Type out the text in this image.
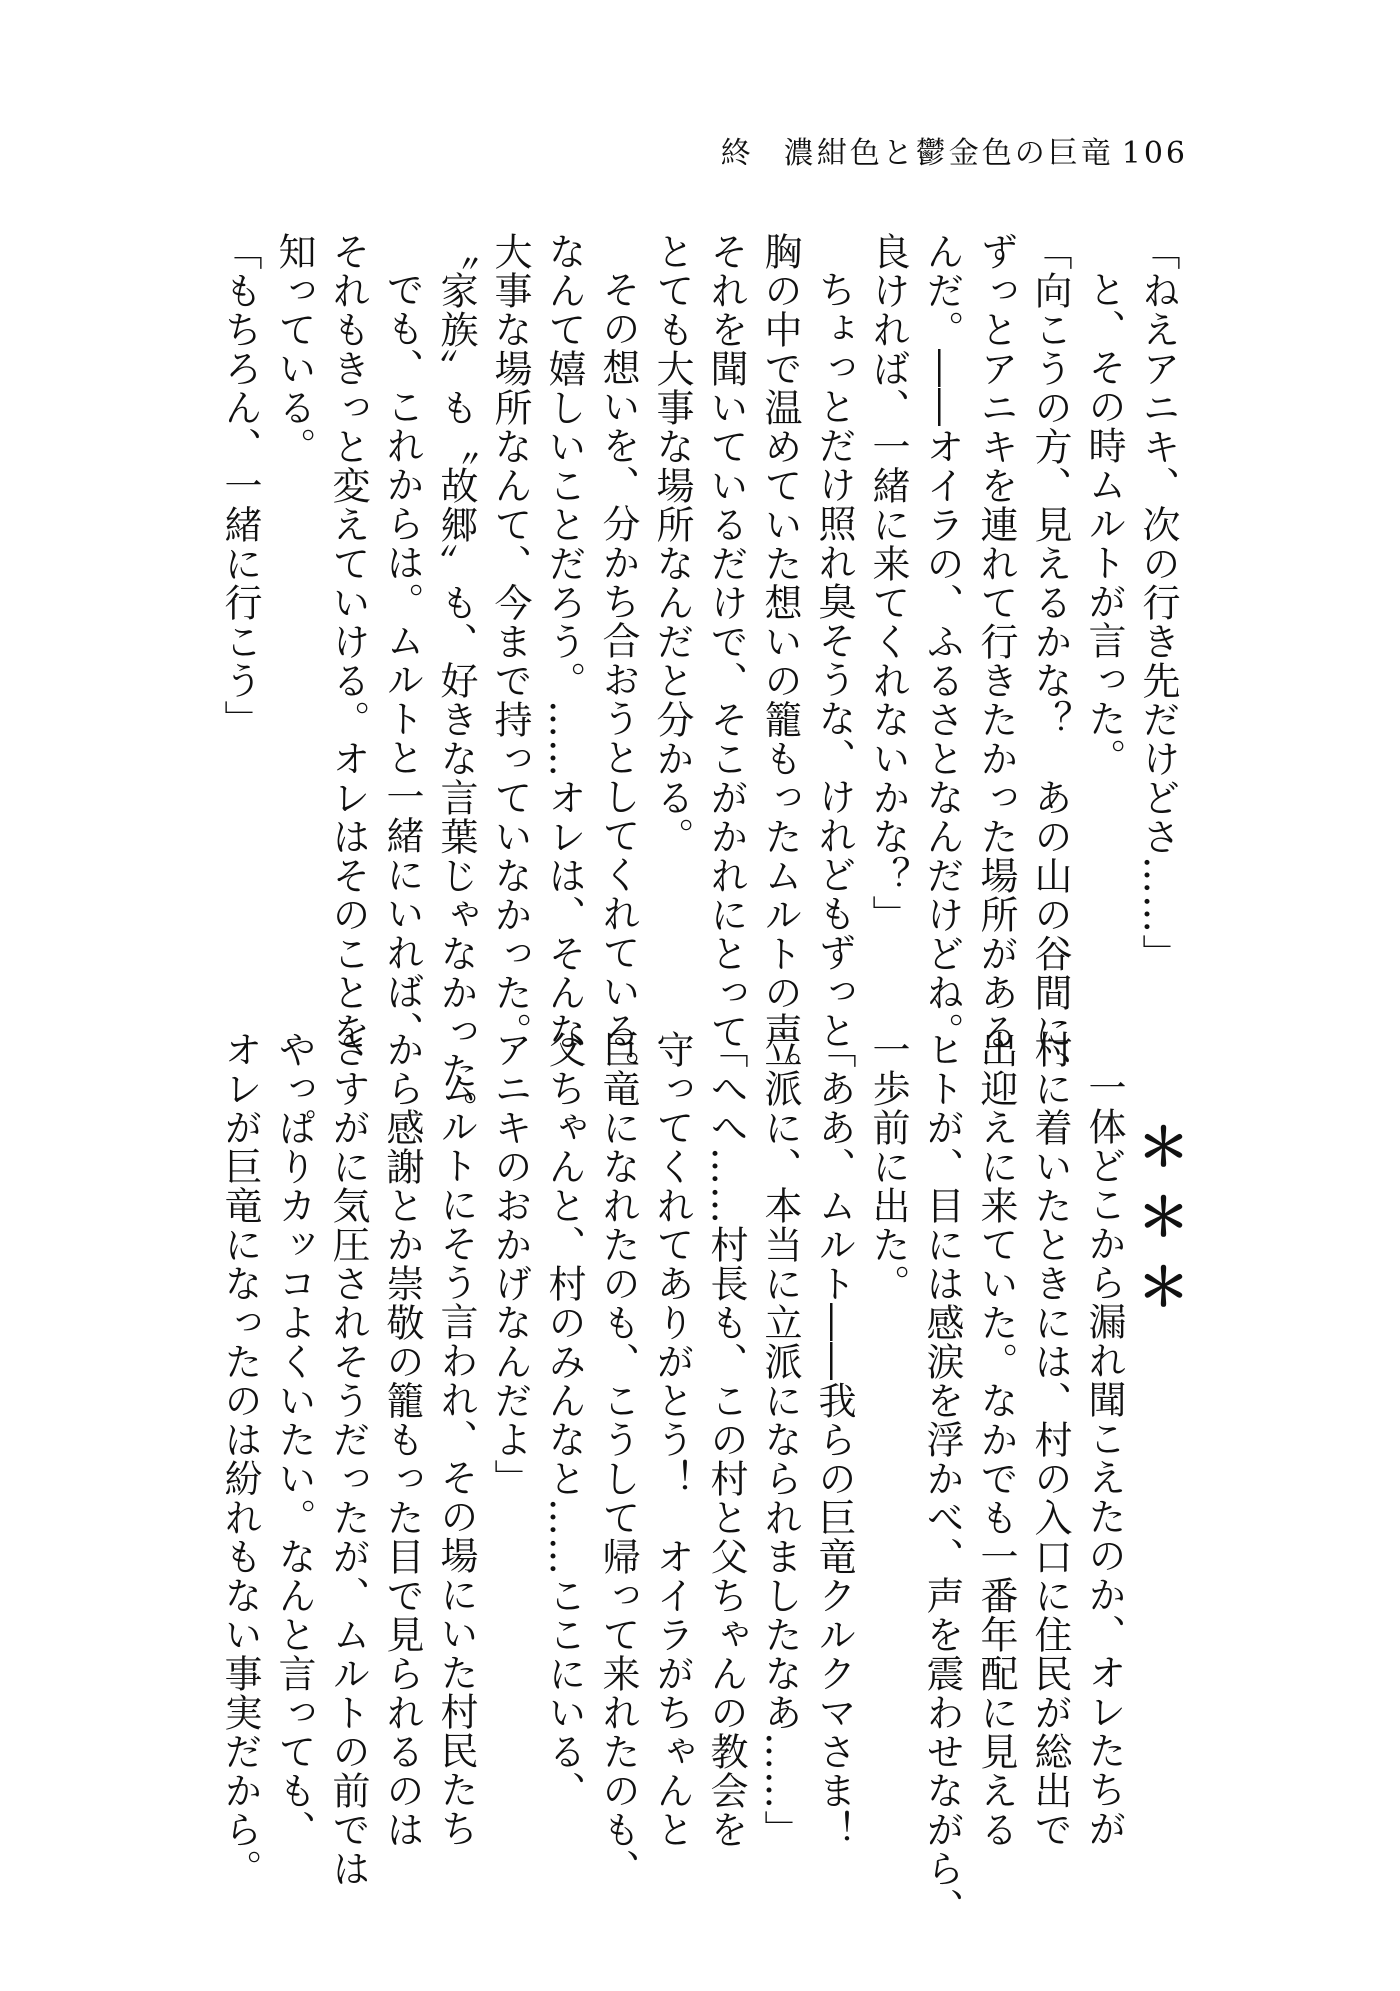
終 濃紺色と鬱金色の巨竜 106
「ねえアニキ、次の行き先だけどさ……」
と、その時ムルトが言った。
「向こうの方、見えるかな？　あの山の谷間に、
ずっとアニキを連れて行きたかった場所がある
んだ。――オイラの、ふるさとなんだけどね。
良ければ、一緒に来てくれないかな？」
ちょっとだけ照れ臭そうな、けれどもずっと
胸の中で温めていた想いの籠もったムルトの声。
それを聞いているだけで、そこがかれにとって
とても大事な場所なんだと分かる。
その想いを、分かち合おうとしてくれている。
なんて嬉しいことだろう。……オレは、そんな
大事な場所なんて、今まで持っていなかった。
〝家族〟も〝故郷〟も、好きな言葉じゃなかった。
でも、これからは。ムルトと一緒にいれば、
それもきっと変えていける。オレはそのことを
知っている。
「もちろん、一緒に行こう」
＊＊＊
一体どこから漏れ聞こえたのか、オレたちが
村に着いたときには、村の入口に住民が総出で
出迎えに来ていた。なかでも一番年配に見える
ヒトが、目には感涙を浮かべ、声を震わせながら、
一歩前に出た。
「ああ、ムルト――我らの巨竜クルクマさま！
立派に、本当に立派になられましたなあ……」
「へへ……村長も、この村と父ちゃんの教会を
守ってくれてありがとう！　オイラがちゃんと
巨竜になれたのも、こうして帰って来れたのも、
父ちゃんと、村のみんなと……ここにいる、
アニキのおかげなんだよ」
ムルトにそう言われ、その場にいた村民たち
から感謝とか崇敬の籠もった目で見られるのは
さすがに気圧されそうだったが、ムルトの前では
やっぱりカッコよくいたい。なんと言っても、
オレが巨竜になったのは紛れもない事実だから。
